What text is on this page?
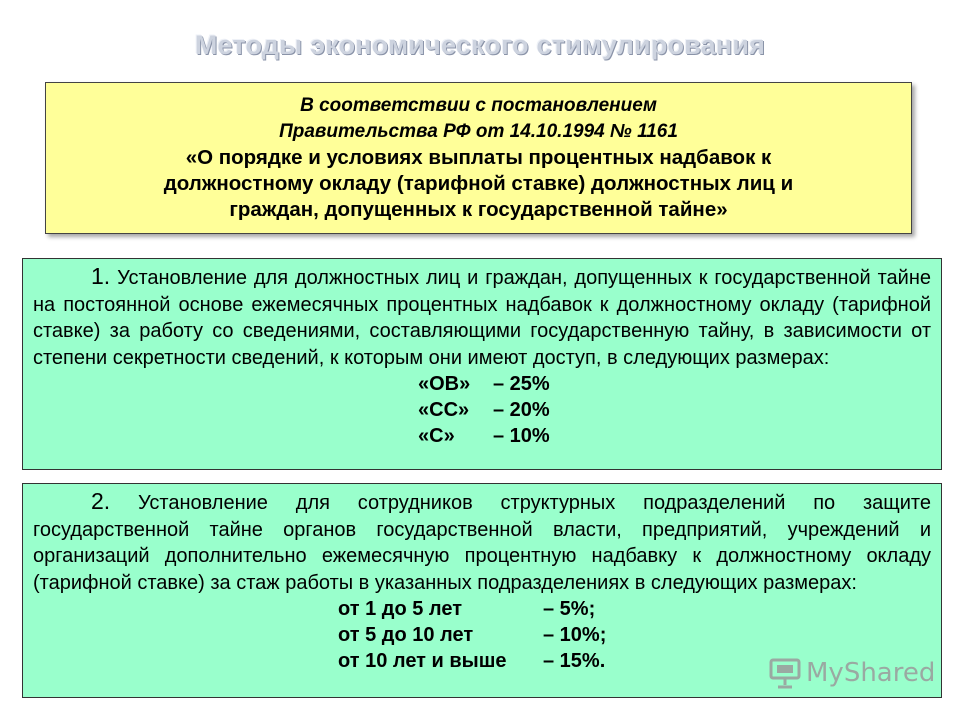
Методы экономического стимулирования
В соответствии с постановлением
Правительства РФ от 14.10.1994 № 1161
«О порядке и условиях выплаты процентных надбавок к
должностному окладу (тарифной ставке) должностных лиц и
граждан, допущенных к государственной тайне»

1. Установление для должностных лиц и граждан, допущенных к государственной тайне на постоянной основе ежемесячных процентных надбавок к должностному окладу (тарифной ставке) за работу со сведениями, составляющими государственную тайну, в зависимости от степени секретности сведений, к которым они имеют доступ, в следующих размерах:

«ОВ» – 25%
«СС» – 20%
«С» – 10%

2. Установление для сотрудников структурных подразделений по защите государственной тайне органов государственной власти, предприятий, учреждений и организаций дополнительно ежемесячную процентную надбавку к должностному окладу (тарифной ставке) за стаж работы в указанных подразделениях в следующих размерах:

от 1 до 5 лет	– 5%;
от 5 до 10 лет	– 10%;
от 10 лет и выше – 15%.	MyShared
